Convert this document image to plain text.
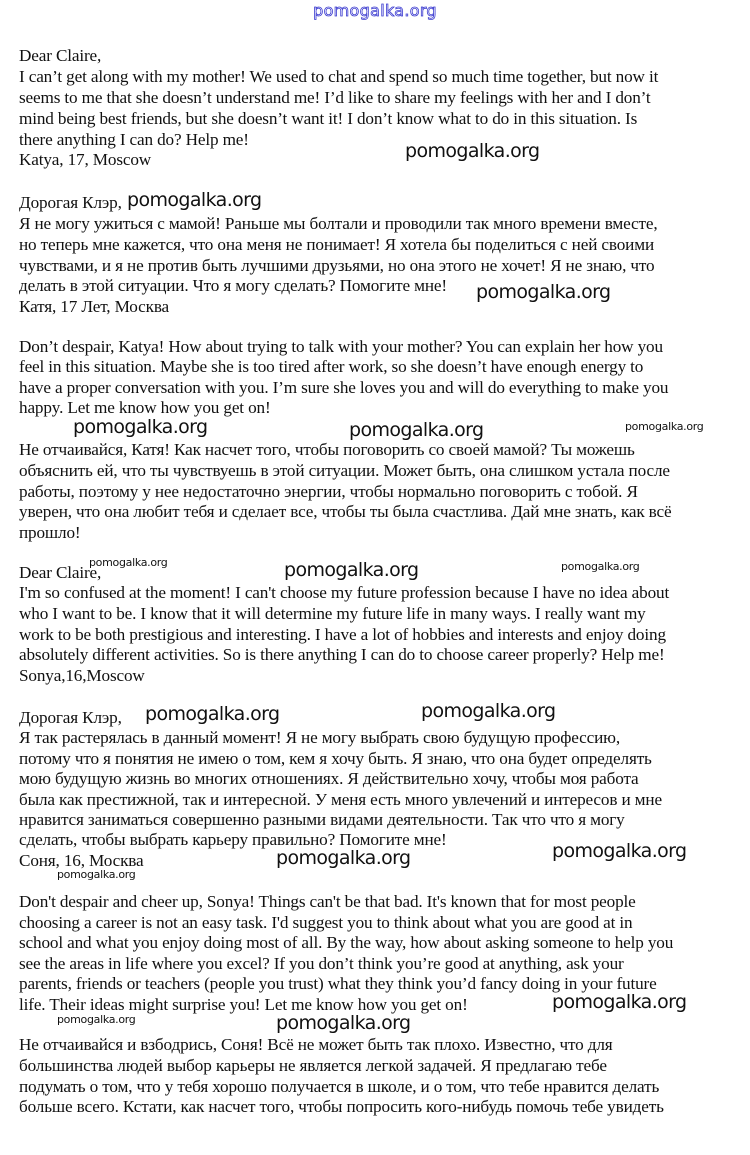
pomogalka.org
Dear Claire,
I can’t get along with my mother! We used to chat and spend so much time together, but now it
seems to me that she doesn’t understand me! I’d like to share my feelings with her and I don’t
mind being best friends, but she doesn’t want it! I don’t know what to do in this situation. Is
there anything I can do? Help me!
Katya, 17, Moscow
Дорогая Клэр,
Я не могу ужиться с мамой! Раньше мы болтали и проводили так много времени вместе,
но теперь мне кажется, что она меня не понимает! Я хотела бы поделиться с ней своими
чувствами, и я не против быть лучшими друзьями, но она этого не хочет! Я не знаю, что
делать в этой ситуации. Что я могу сделать? Помогите мне!
Катя, 17 Лет, Москва
Don’t despair, Katya! How about trying to talk with your mother? You can explain her how you
feel in this situation. Maybe she is too tired after work, so she doesn’t have enough energy to
have a proper conversation with you. I’m sure she loves you and will do everything to make you
happy. Let me know how you get on!
Не отчаивайся, Катя! Как насчет того, чтобы поговорить со своей мамой? Ты можешь
объяснить ей, что ты чувствуешь в этой ситуации. Может быть, она слишком устала после
работы, поэтому у нее недостаточно энергии, чтобы нормально поговорить с тобой. Я
уверен, что она любит тебя и сделает все, чтобы ты была счастлива. Дай мне знать, как всё
прошло!
Dear Claire,
I'm so confused at the moment! I can't choose my future profession because I have no idea about
who I want to be. I know that it will determine my future life in many ways. I really want my
work to be both prestigious and interesting. I have a lot of hobbies and interests and enjoy doing
absolutely different activities. So is there anything I can do to choose career properly? Help me!
Sonya,16,Moscow
Дорогая Клэр,
Я так растерялась в данный момент! Я не могу выбрать свою будущую профессию,
потому что я понятия не имею о том, кем я хочу быть. Я знаю, что она будет определять
мою будущую жизнь во многих отношениях. Я действительно хочу, чтобы моя работа
была как престижной, так и интересной. У меня есть много увлечений и интересов и мне
нравится заниматься совершенно разными видами деятельности. Так что что я могу
сделать, чтобы выбрать карьеру правильно? Помогите мне!
Соня, 16, Москва
Don't despair and cheer up, Sonya! Things can't be that bad. It's known that for most people
choosing a career is not an easy task. I'd suggest you to think about what you are good at in
school and what you enjoy doing most of all. By the way, how about asking someone to help you
see the areas in life where you excel? If you don’t think you’re good at anything, ask your
parents, friends or teachers (people you trust) what they think you’d fancy doing in your future
life. Their ideas might surprise you! Let me know how you get on!
Не отчаивайся и взбодрись, Соня! Всё не может быть так плохо. Известно, что для
большинства людей выбор карьеры не является легкой задачей. Я предлагаю тебе
подумать о том, что у тебя хорошо получается в школе, и о том, что тебе нравится делать
больше всего. Кстати, как насчет того, чтобы попросить кого-нибудь помочь тебе увидеть
pomogalka.org
pomogalka.org
pomogalka.org
pomogalka.org	pomogalka.org	pomogalka.org
pomogalka.org	pomogalka.org	pomogalka.org
pomogalka.org	pomogalka.org
pomogalka.org
pomogalka.org
pomogalka.org
pomogalka.org
pomogalka.org	pomogalka.org
